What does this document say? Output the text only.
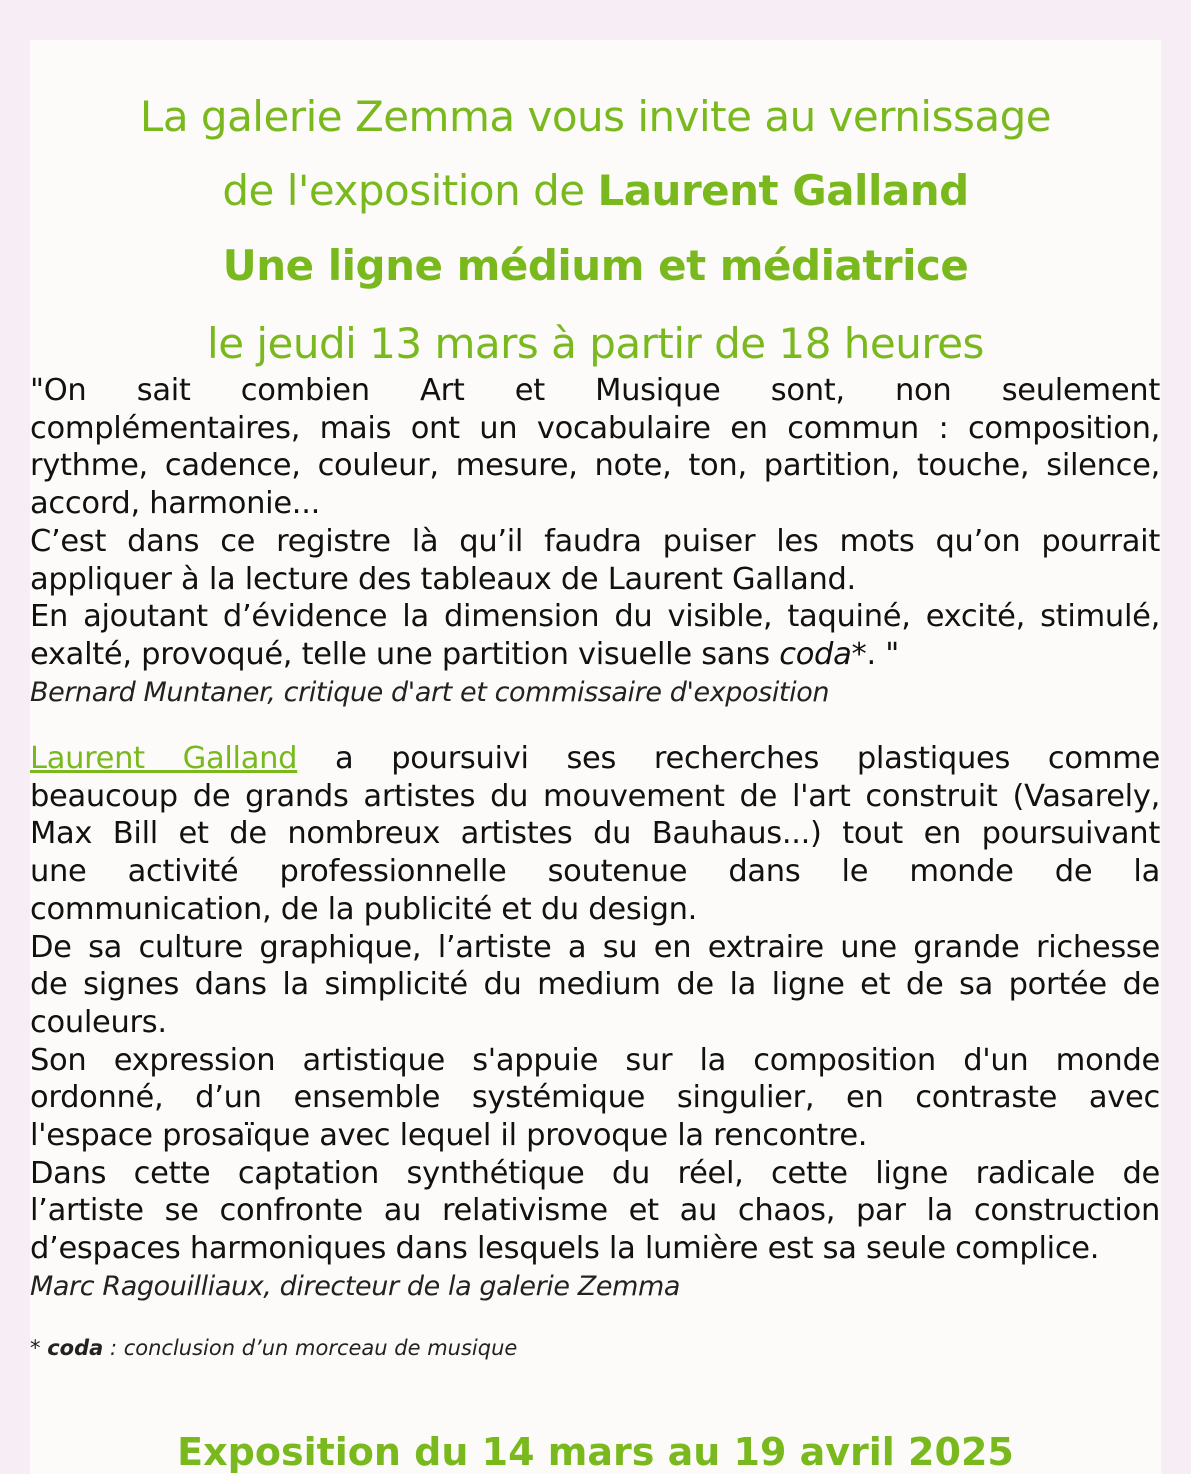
La galerie Zemma vous invite au vernissage
de l'exposition de Laurent Galland
Une ligne médium et médiatrice
le jeudi 13 mars à partir de 18 heures
"On sait combien Art et Musique sont, non seulement
complémentaires, mais ont un vocabulaire en commun : composition,
rythme, cadence, couleur, mesure, note, ton, partition, touche, silence,
accord, harmonie...
C’est dans ce registre là qu’il faudra puiser les mots qu’on pourrait
appliquer à la lecture des tableaux de Laurent Galland.
En ajoutant d’évidence la dimension du visible, taquiné, excité, stimulé,
exalté, provoqué, telle une partition visuelle sans coda*. "
Bernard Muntaner, critique d'art et commissaire d'exposition
Laurent Galland a poursuivi ses recherches plastiques comme
beaucoup de grands artistes du mouvement de l'art construit (Vasarely,
Max Bill et de nombreux artistes du Bauhaus...) tout en poursuivant
une activité professionnelle soutenue dans le monde de la
communication, de la publicité et du design.
De sa culture graphique, l’artiste a su en extraire une grande richesse
de signes dans la simplicité du medium de la ligne et de sa portée de
couleurs.
Son expression artistique s'appuie sur la composition d'un monde
ordonné, d’un ensemble systémique singulier, en contraste avec
l'espace prosaïque avec lequel il provoque la rencontre.
Dans cette captation synthétique du réel, cette ligne radicale de
l’artiste se confronte au relativisme et au chaos, par la construction
d’espaces harmoniques dans lesquels la lumière est sa seule complice.
Marc Ragouilliaux, directeur de la galerie Zemma
* coda : conclusion d’un morceau de musique
Exposition du 14 mars au 19 avril 2025
